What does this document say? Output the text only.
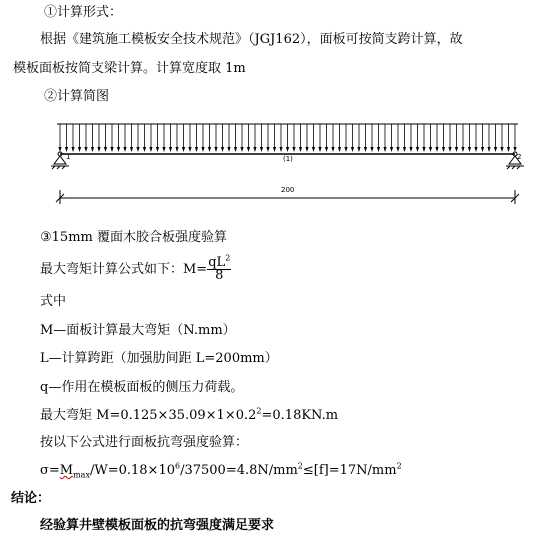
①计算形式：
根据《建筑施工模板安全技术规范》（JGJ162），面板可按简支跨计算，故
模板面板按简支梁计算。计算宽度取 1m
②计算简图
1	2
(1)
200
③15mm 覆面木胶合板强度验算
最大弯矩计算公式如下：$M= \frac{qL^2}{8}$
式中
M—面板计算最大弯矩（N.mm）
L—计算跨距（加强肋间距 L=200mm）
q—作用在模板面板的侧压力荷载。
最大弯矩 $M=0.125\times 35.09\times 1\times 0.2^2=0.18KN.m$
按以下公式进行面板抗弯强度验算：
$\sigma=M_{max}/W=0.18\times 10^6/37500=4.8N/mm^2\le[f]=17N/mm^2$
结论：
经验算井壁模板面板的抗弯强度满足要求
